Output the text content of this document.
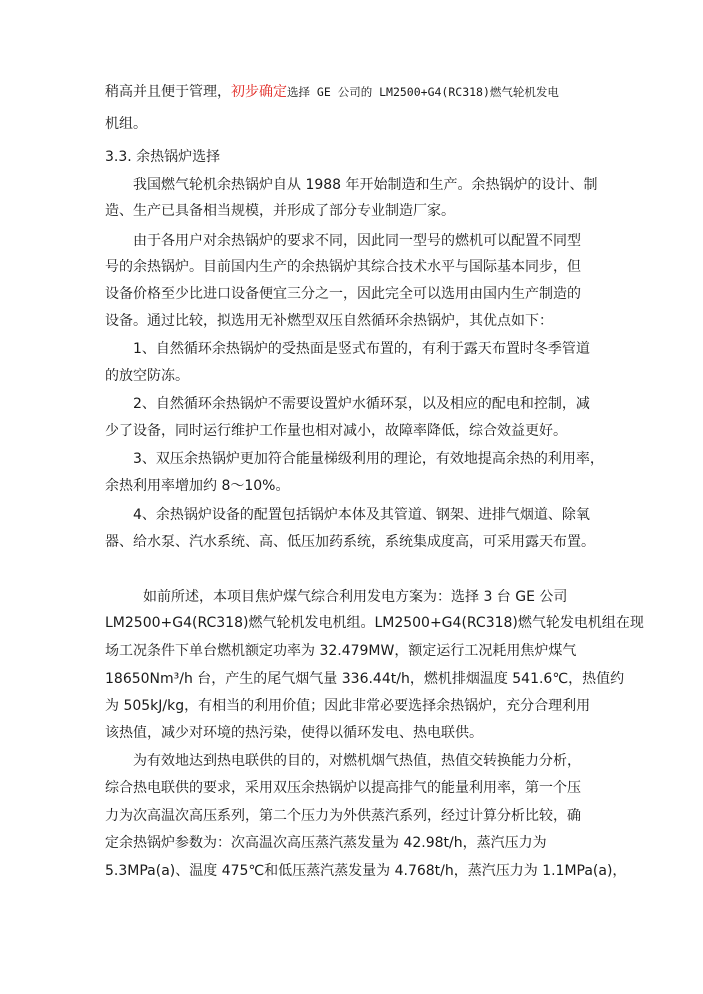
稍高并且便于管理，初步确定选择 GE 公司的 LM2500+G4(RC318)燃气轮机发电
机组。
3.3. 余热锅炉选择
我国燃气轮机余热锅炉自从 1988 年开始制造和生产。余热锅炉的设计、制
造、生产已具备相当规模，并形成了部分专业制造厂家。
由于各用户对余热锅炉的要求不同，因此同一型号的燃机可以配置不同型
号的余热锅炉。目前国内生产的余热锅炉其综合技术水平与国际基本同步，但
设备价格至少比进口设备便宜三分之一，因此完全可以选用由国内生产制造的
设备。通过比较，拟选用无补燃型双压自然循环余热锅炉，其优点如下：
1、自然循环余热锅炉的受热面是竖式布置的，有利于露天布置时冬季管道
的放空防冻。
2、自然循环余热锅炉不需要设置炉水循环泵，以及相应的配电和控制，减
少了设备，同时运行维护工作量也相对减小，故障率降低，综合效益更好。
3、双压余热锅炉更加符合能量梯级利用的理论，有效地提高余热的利用率，
余热利用率增加约 8～10%。
4、余热锅炉设备的配置包括锅炉本体及其管道、钢架、进排气烟道、除氧
器、给水泵、汽水系统、高、低压加药系统，系统集成度高，可采用露天布置。
如前所述，本项目焦炉煤气综合利用发电方案为：选择 3 台 GE 公司
LM2500+G4(RC318)燃气轮机发电机组。LM2500+G4(RC318)燃气轮发电机组在现
场工况条件下单台燃机额定功率为 32.479MW，额定运行工况耗用焦炉煤气
18650Nm³/h 台，产生的尾气烟气量 336.44t/h，燃机排烟温度 541.6℃，热值约
为 505kJ/kg，有相当的利用价值；因此非常必要选择余热锅炉，充分合理利用
该热值，减少对环境的热污染，使得以循环发电、热电联供。
为有效地达到热电联供的目的，对燃机烟气热值，热值交转换能力分析，
综合热电联供的要求，采用双压余热锅炉以提高排气的能量利用率，第一个压
力为次高温次高压系列，第二个压力为外供蒸汽系列，经过计算分析比较，确
定余热锅炉参数为：次高温次高压蒸汽蒸发量为 42.98t/h，蒸汽压力为
5.3MPa(a)、温度 475℃和低压蒸汽蒸发量为 4.768t/h，蒸汽压力为 1.1MPa(a)，
